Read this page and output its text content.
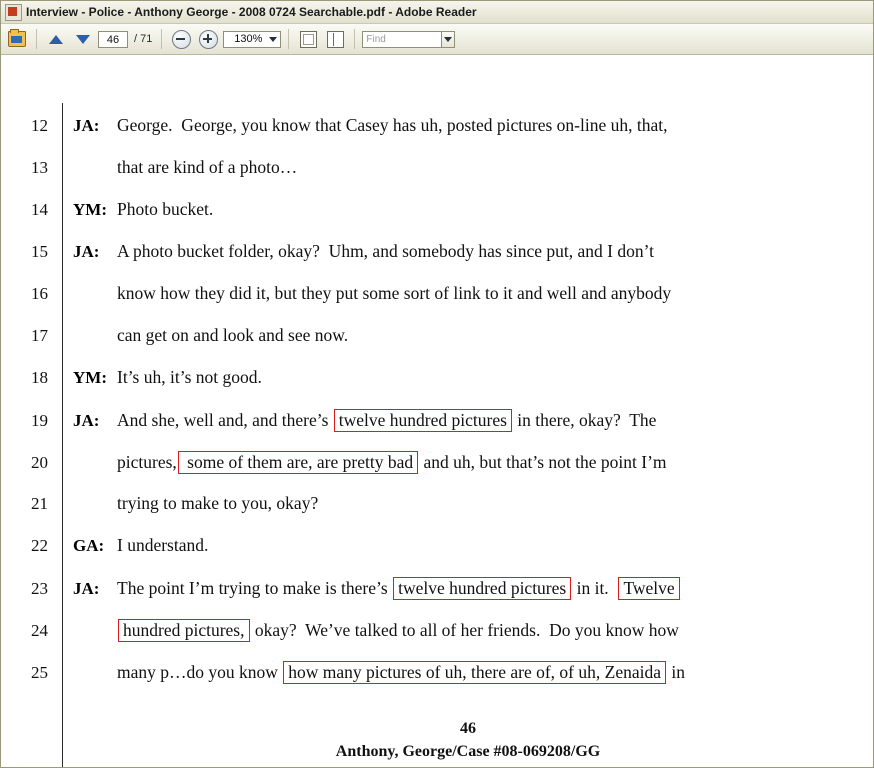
Interview - Police - Anthony George - 2008 0724 Searchable.pdf - Adobe Reader
46	/ 71	130%	Find
12	JA:	George.  George, you know that Casey has uh, posted pictures on-line uh, that,
13	that are kind of a photo…
14	YM: Photo bucket.
15	JA:	A photo bucket folder, okay?  Uhm, and somebody has since put, and I don’t
16	know how they did it, but they put some sort of link to it and well and anybody
17	can get on and look and see now.
18	YM: It’s uh, it’s not good.
19	JA:	And she, well and, and there’s twelve hundred pictures in there, okay?  The
20	pictures, some of them are, are pretty bad and uh, but that’s not the point I’m
21	trying to make to you, okay?
22	GA: I understand.
23	JA:	The point I’m trying to make is there’s twelve hundred pictures in it.  Twelve
24	hundred pictures, okay?  We’ve talked to all of her friends.  Do you know how
25	many p…do you know how many pictures of uh, there are of, of uh, Zenaida in
46
Anthony, George/Case #08-069208/GG
